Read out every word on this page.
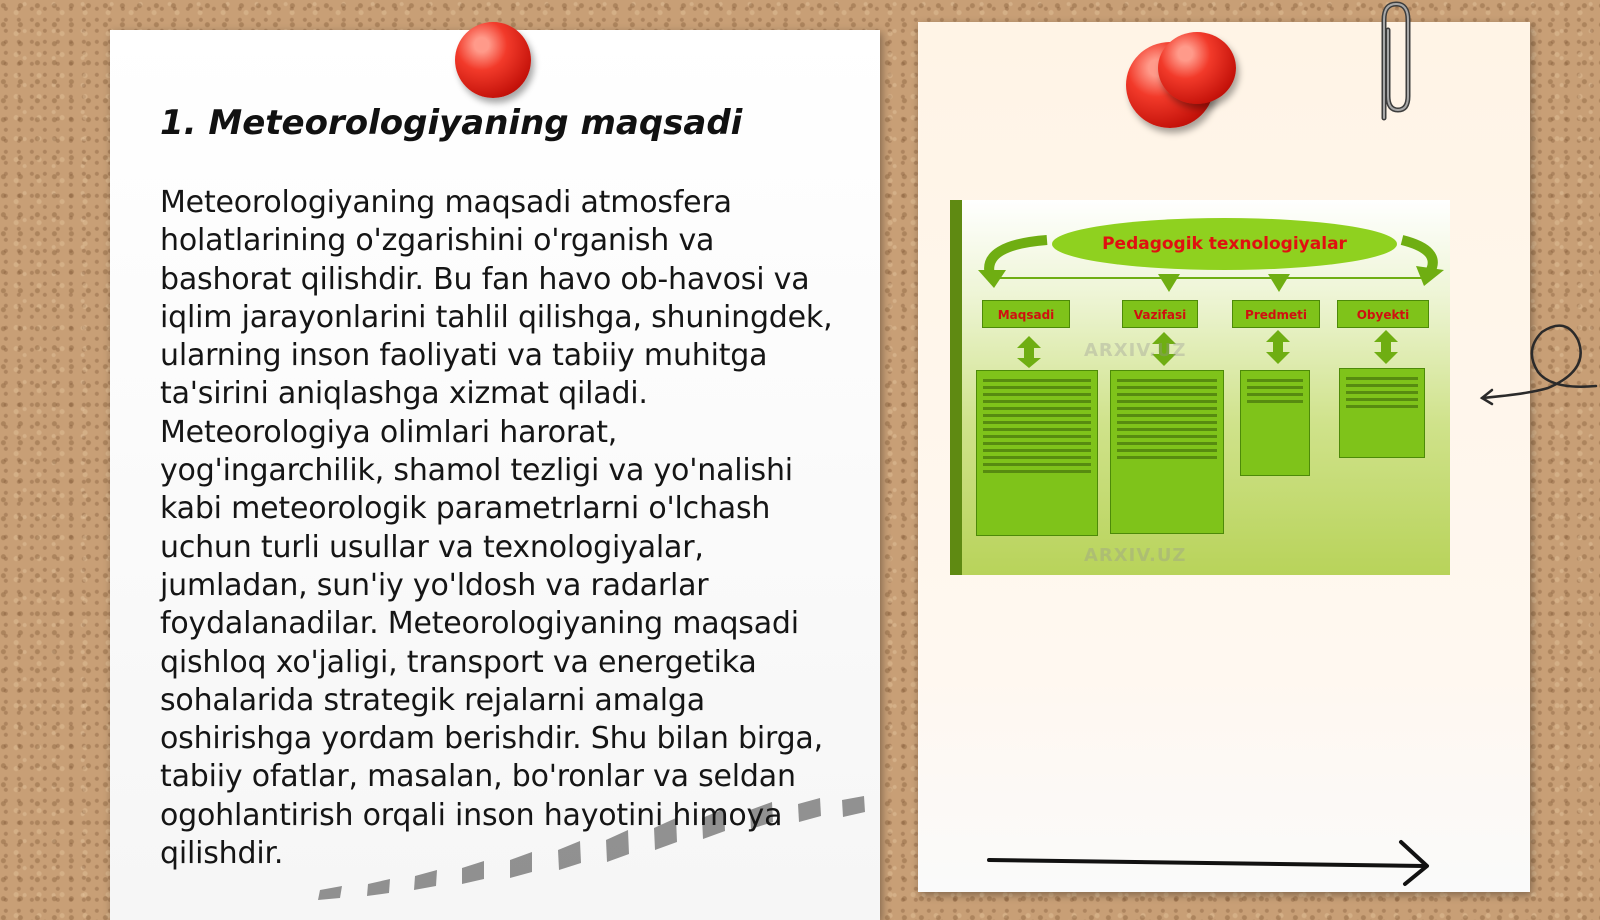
1. Meteorologiyaning maqsadi

Meteorologiyaning maqsadi atmosfera holatlarining o'zgarishini o'rganish va bashorat qilishdir. Bu fan havo ob-havosi va iqlim jarayonlarini tahlil qilishga, shuningdek, ularning inson faoliyati va tabiiy muhitga ta'sirini aniqlashga xizmat qiladi. Meteorologiya olimlari harorat, yog'ingarchilik, shamol tezligi va yo'nalishi kabi meteorologik parametrlarni o'lchash uchun turli usullar va texnologiyalar, jumladan, sun'iy yo'ldosh va radarlar foydalanadilar. Meteorologiyaning maqsadi qishloq xo'jaligi, transport va energetika sohalarida strategik rejalarni amalga oshirishga yordam berishdir. Shu bilan birga, tabiiy ofatlar, masalan, bo'ronlar va seldan ogohlantirish orqali inson hayotini himoya qilishdir.

Pedagogik texnologiyalar
Maqsadi	Vazifasi	Predmeti	Obyekti
ARXIV.UZ
ARXIV.UZ
